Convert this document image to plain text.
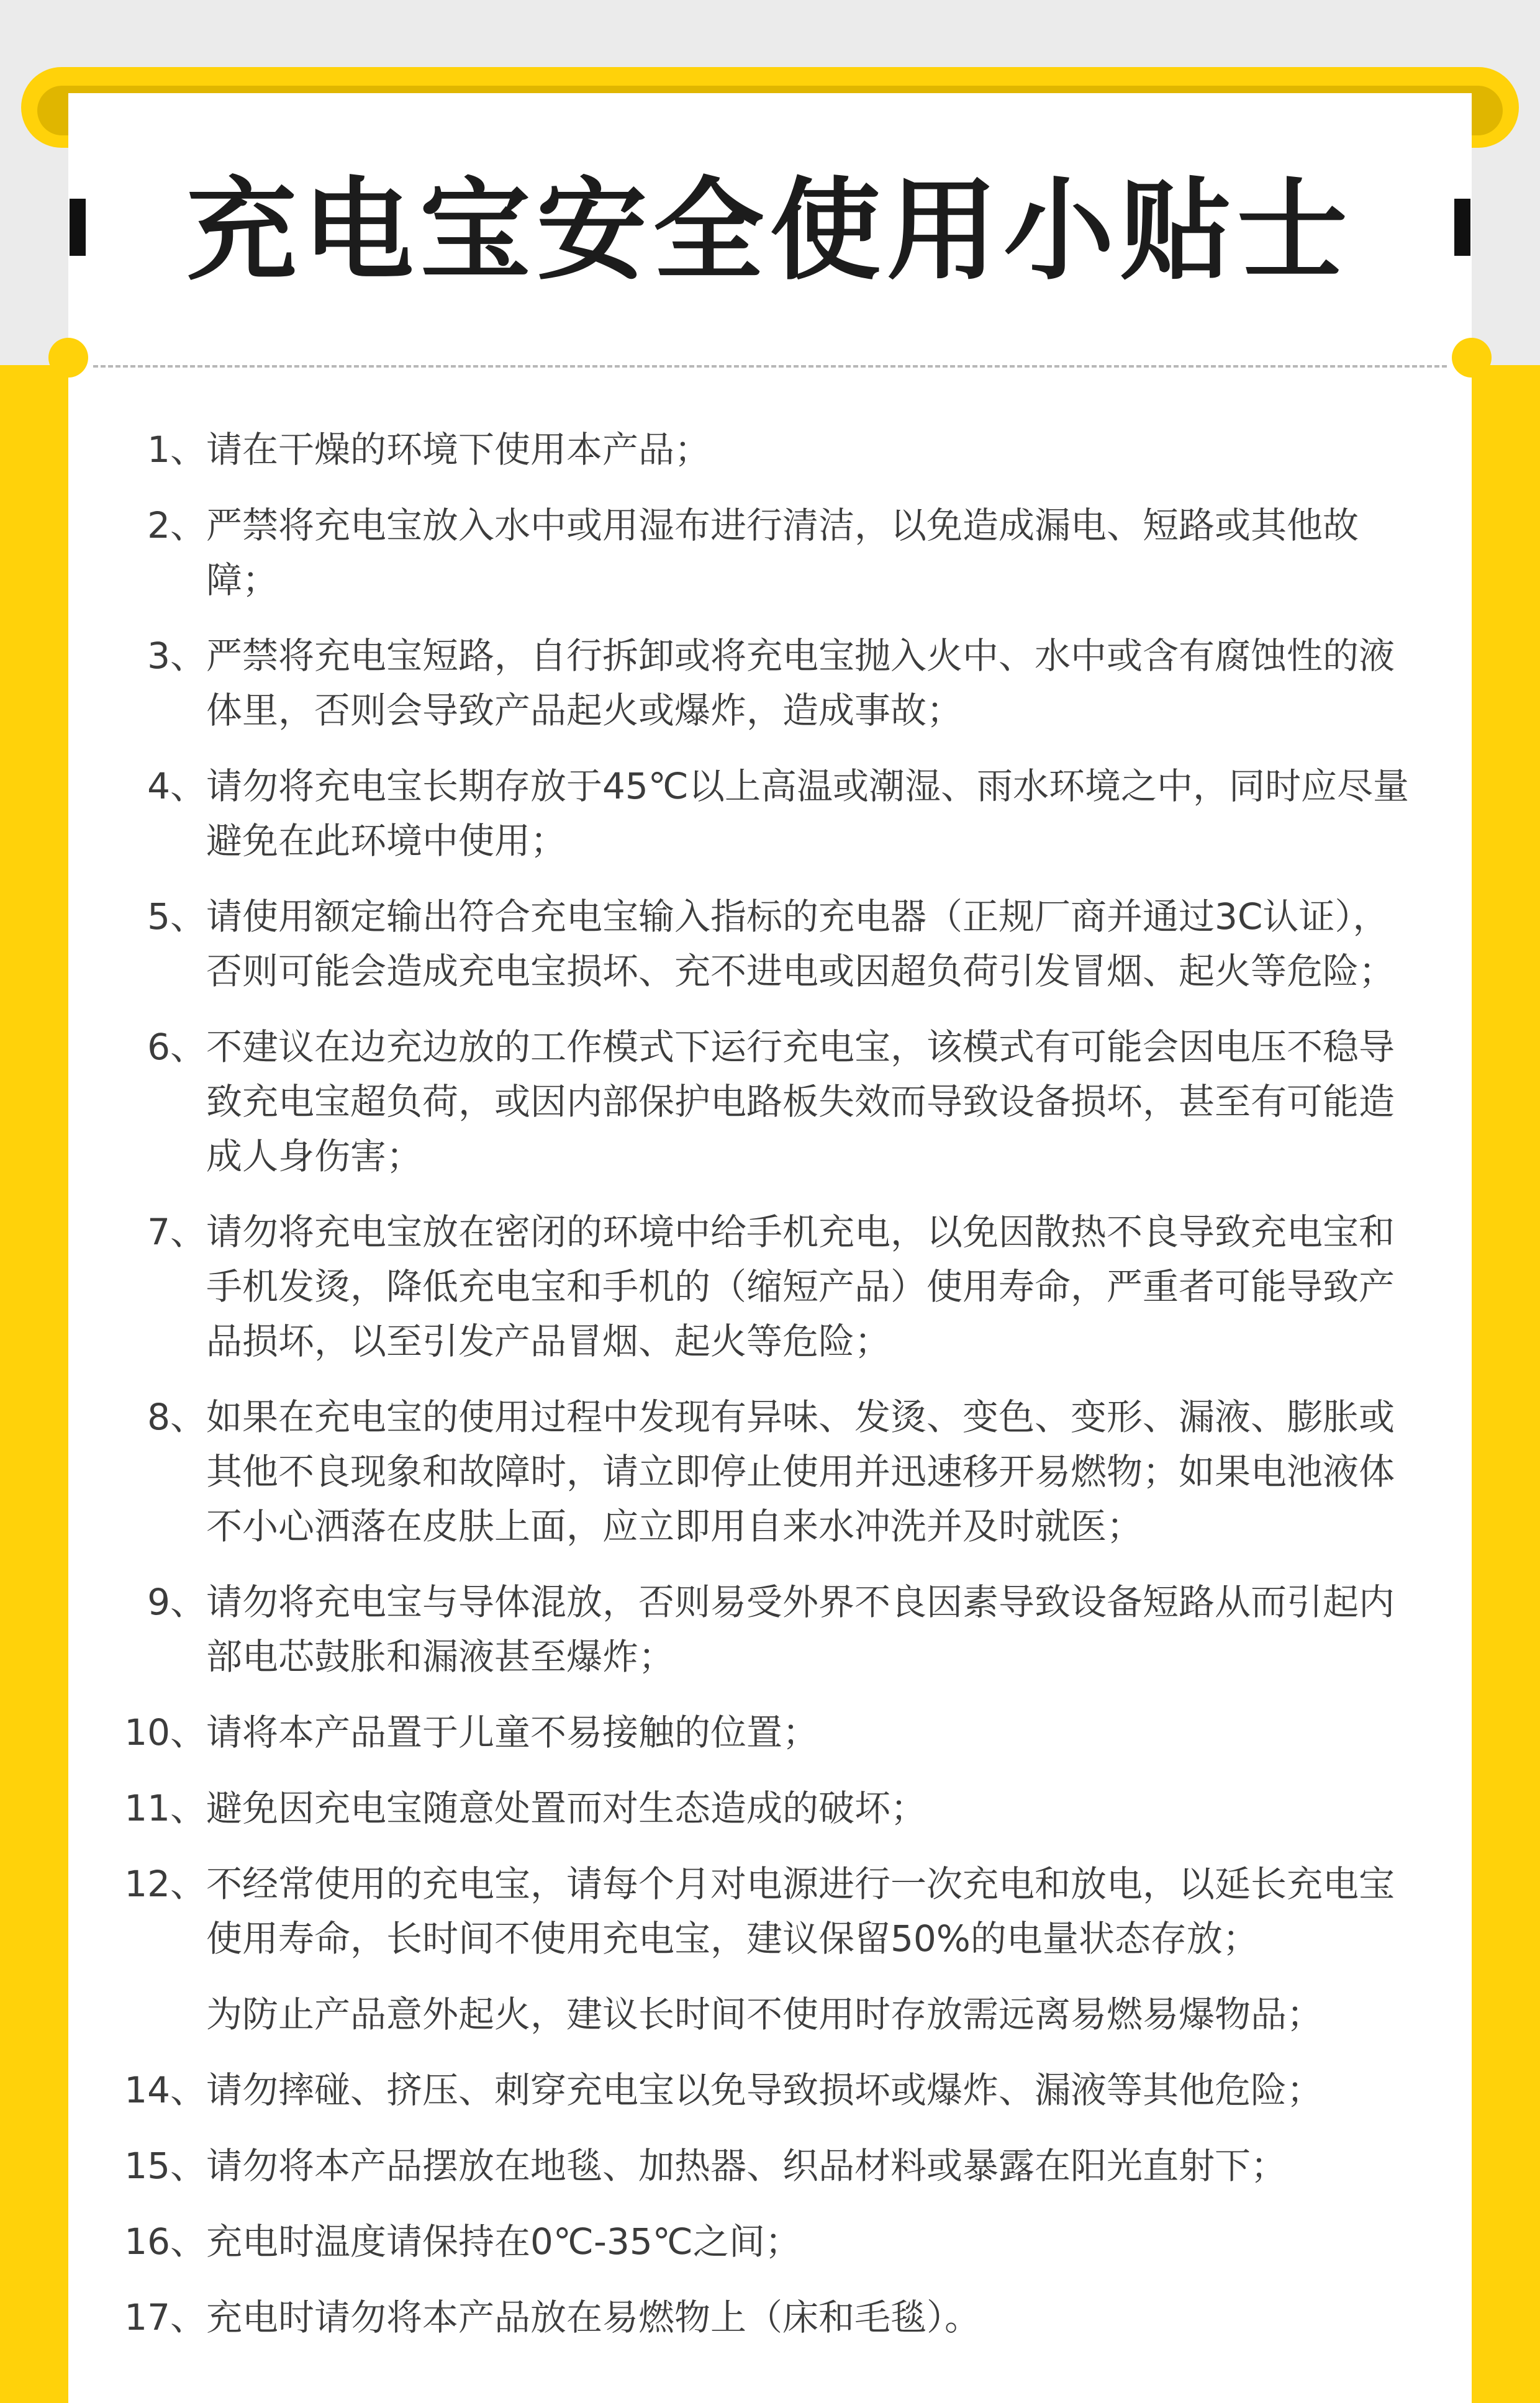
充电宝安全使用小贴士
1、 请在干燥的环境下使用本产品；
2、 严禁将充电宝放入水中或用湿布进行清洁，以免造成漏电、短路或其他故障；
3、 严禁将充电宝短路，自行拆卸或将充电宝抛入火中、水中或含有腐蚀性的液体里，否则会导致产品起火或爆炸，造成事故；
4、 请勿将充电宝长期存放于45℃以上高温或潮湿、雨水环境之中，同时应尽量避免在此环境中使用；
5、 请使用额定输出符合充电宝输入指标的充电器（正规厂商并通过3C认证），否则可能会造成充电宝损坏、充不进电或因超负荷引发冒烟、起火等危险；
6、 不建议在边充边放的工作模式下运行充电宝，该模式有可能会因电压不稳导致充电宝超负荷，或因内部保护电路板失效而导致设备损坏，甚至有可能造成人身伤害；
7、 请勿将充电宝放在密闭的环境中给手机充电，以免因散热不良导致充电宝和手机发烫，降低充电宝和手机的（缩短产品）使用寿命，严重者可能导致产品损坏，以至引发产品冒烟、起火等危险；
8、 如果在充电宝的使用过程中发现有异味、发烫、变色、变形、漏液、膨胀或其他不良现象和故障时，请立即停止使用并迅速移开易燃物；如果电池液体不小心洒落在皮肤上面，应立即用自来水冲洗并及时就医；
9、 请勿将充电宝与导体混放，否则易受外界不良因素导致设备短路从而引起内部电芯鼓胀和漏液甚至爆炸；
10、 请将本产品置于儿童不易接触的位置；
11、 避免因充电宝随意处置而对生态造成的破坏；
12、 不经常使用的充电宝，请每个月对电源进行一次充电和放电，以延长充电宝使用寿命，长时间不使用充电宝，建议保留50%的电量状态存放；
为防止产品意外起火，建议长时间不使用时存放需远离易燃易爆物品；
14、 请勿摔碰、挤压、刺穿充电宝以免导致损坏或爆炸、漏液等其他危险；
15、 请勿将本产品摆放在地毯、加热器、织品材料或暴露在阳光直射下；
16、 充电时温度请保持在0℃-35℃之间；
17、 充电时请勿将本产品放在易燃物上（床和毛毯）。
